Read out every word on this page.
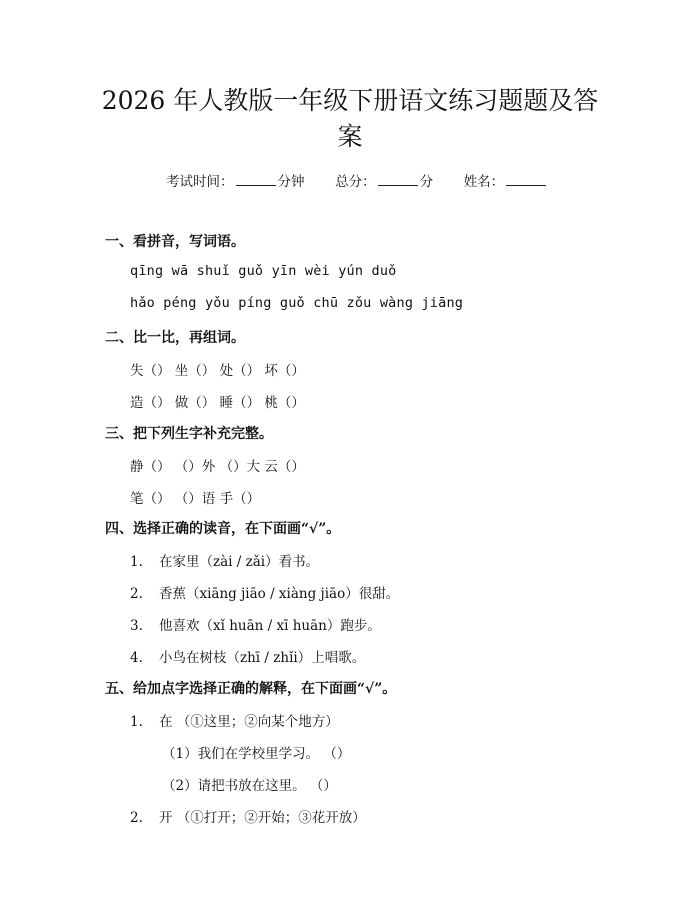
2026 年人教版一年级下册语文练习题题及答
案
考试时间：	分钟 总分：	分 姓名：
一、看拼音，写词语。
qīng wā shuǐ guǒ yīn wèi yún duǒ
hǎo péng yǒu píng guǒ chū zǒu wàng jiāng
二、比一比，再组词。
失（） 坐（） 处（） 坏（）
造（） 做（） 睡（） 桃（）
三、把下列生字补充完整。
静（） （）外 （）大 云（）
笔（） （）语 手（）
四、选择正确的读音，在下面画“√”。
1. 在家里（zài / zǎi）看书。
2. 香蕉（xiāng jiāo / xiàng jiāo）很甜。
3. 他喜欢（xǐ huān / xī huān）跑步。
4. 小鸟在树枝（zhī / zhǐi）上唱歌。
五、给加点字选择正确的解释，在下面画“√”。
1. 在 （①这里；②向某个地方）
（1）我们在学校里学习。 （）
（2）请把书放在这里。 （）
2. 开 （①打开；②开始；③花开放）
